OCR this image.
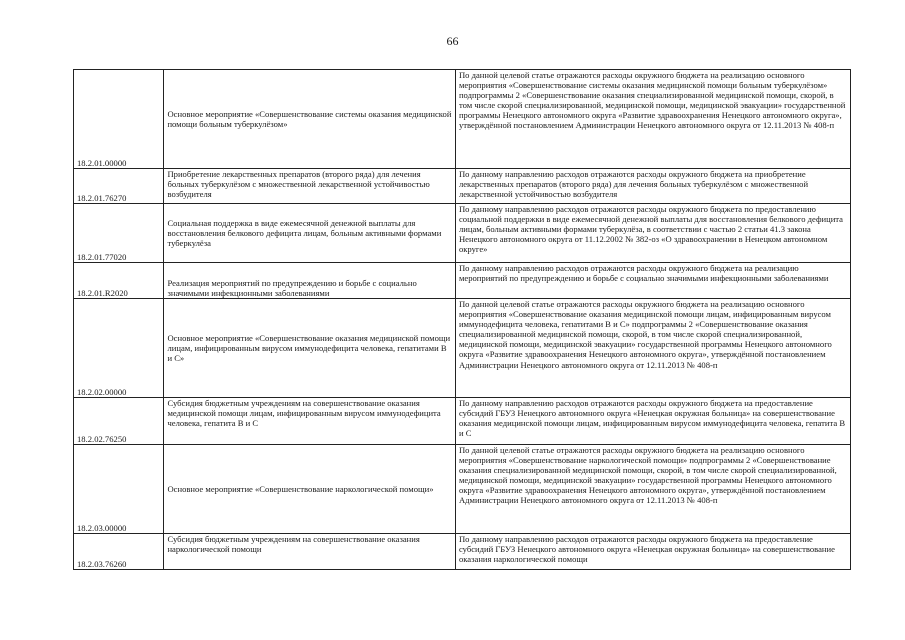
66
18.2.01.00000	Основное мероприятие «Совершенствование системы оказания медицинской помощи больным туберкулёзом»	По данной целевой статье отражаются расходы окружного бюджета на реализацию основного мероприятия «Совершенствование системы оказания медицинской помощи больным туберкулёзом» подпрограммы 2 «Совершенствование оказания специализированной медицинской помощи, скорой, в том числе скорой специализированной, медицинской помощи, медицинской эвакуации» государственной программы Ненецкого автономного округа «Развитие здравоохранения Ненецкого автономного округа», утверждённой постановлением Администрации Ненецкого автономного округа от 12.11.2013 № 408-п
18.2.01.76270	Приобретение лекарственных препаратов (второго ряда) для лечения больных туберкулёзом с множественной лекарственной устойчивостью возбудителя	По данному направлению расходов отражаются расходы окружного бюджета на приобретение лекарственных препаратов (второго ряда) для лечения больных туберкулёзом с множественной лекарственной устойчивостью возбудителя
18.2.01.77020	Социальная поддержка в виде ежемесячной денежной выплаты для восстановления белкового дефицита лицам, больным активными формами туберкулёза	По данному направлению расходов отражаются расходы окружного бюджета по предоставлению социальной поддержки в виде ежемесячной денежной выплаты для восстановления белкового дефицита лицам, больным активными формами туберкулёза, в соответствии с частью 2 статьи 41.3 закона Ненецкого автономного округа от 11.12.2002 № 382-оз «О здравоохранении в Ненецком автономном округе»
18.2.01.R2020	Реализация мероприятий по предупреждению и борьбе с социально значимыми инфекционными заболеваниями	По данному направлению расходов отражаются расходы окружного бюджета на реализацию мероприятий по предупреждению и борьбе с социально значимыми инфекционными заболеваниями
18.2.02.00000	Основное мероприятие «Совершенствование оказания медицинской помощи лицам, инфицированным вирусом иммунодефицита человека, гепатитами B и C»	По данной целевой статье отражаются расходы окружного бюджета на реализацию основного мероприятия «Совершенствование оказания медицинской помощи лицам, инфицированным вирусом иммунодефицита человека, гепатитами B и C» подпрограммы 2 «Совершенствование оказания специализированной медицинской помощи, скорой, в том числе скорой специализированной, медицинской помощи, медицинской эвакуации» государственной программы Ненецкого автономного округа «Развитие здравоохранения Ненецкого автономного округа», утверждённой постановлением Администрации Ненецкого автономного округа от 12.11.2013 № 408-п
18.2.02.76250	Субсидия бюджетным учреждениям на совершенствование оказания медицинской помощи лицам, инфицированным вирусом иммунодефицита человека, гепатита B и C	По данному направлению расходов отражаются расходы окружного бюджета на предоставление субсидий ГБУЗ Ненецкого автономного округа «Ненецкая окружная больница» на совершенствование оказания медицинской помощи лицам, инфицированным вирусом иммунодефицита человека, гепатита B и C
18.2.03.00000	Основное мероприятие «Совершенствование наркологической помощи»	По данной целевой статье отражаются расходы окружного бюджета на реализацию основного мероприятия «Совершенствование наркологической помощи» подпрограммы 2 «Совершенствование оказания специализированной медицинской помощи, скорой, в том числе скорой специализированной, медицинской помощи, медицинской эвакуации» государственной программы Ненецкого автономного округа «Развитие здравоохранения Ненецкого автономного округа», утверждённой постановлением Администрации Ненецкого автономного округа от 12.11.2013 № 408-п
18.2.03.76260	Субсидия бюджетным учреждениям на совершенствование оказания наркологической помощи	По данному направлению расходов отражаются расходы окружного бюджета на предоставление субсидий ГБУЗ Ненецкого автономного округа «Ненецкая окружная больница» на совершенствование оказания наркологической помощи
